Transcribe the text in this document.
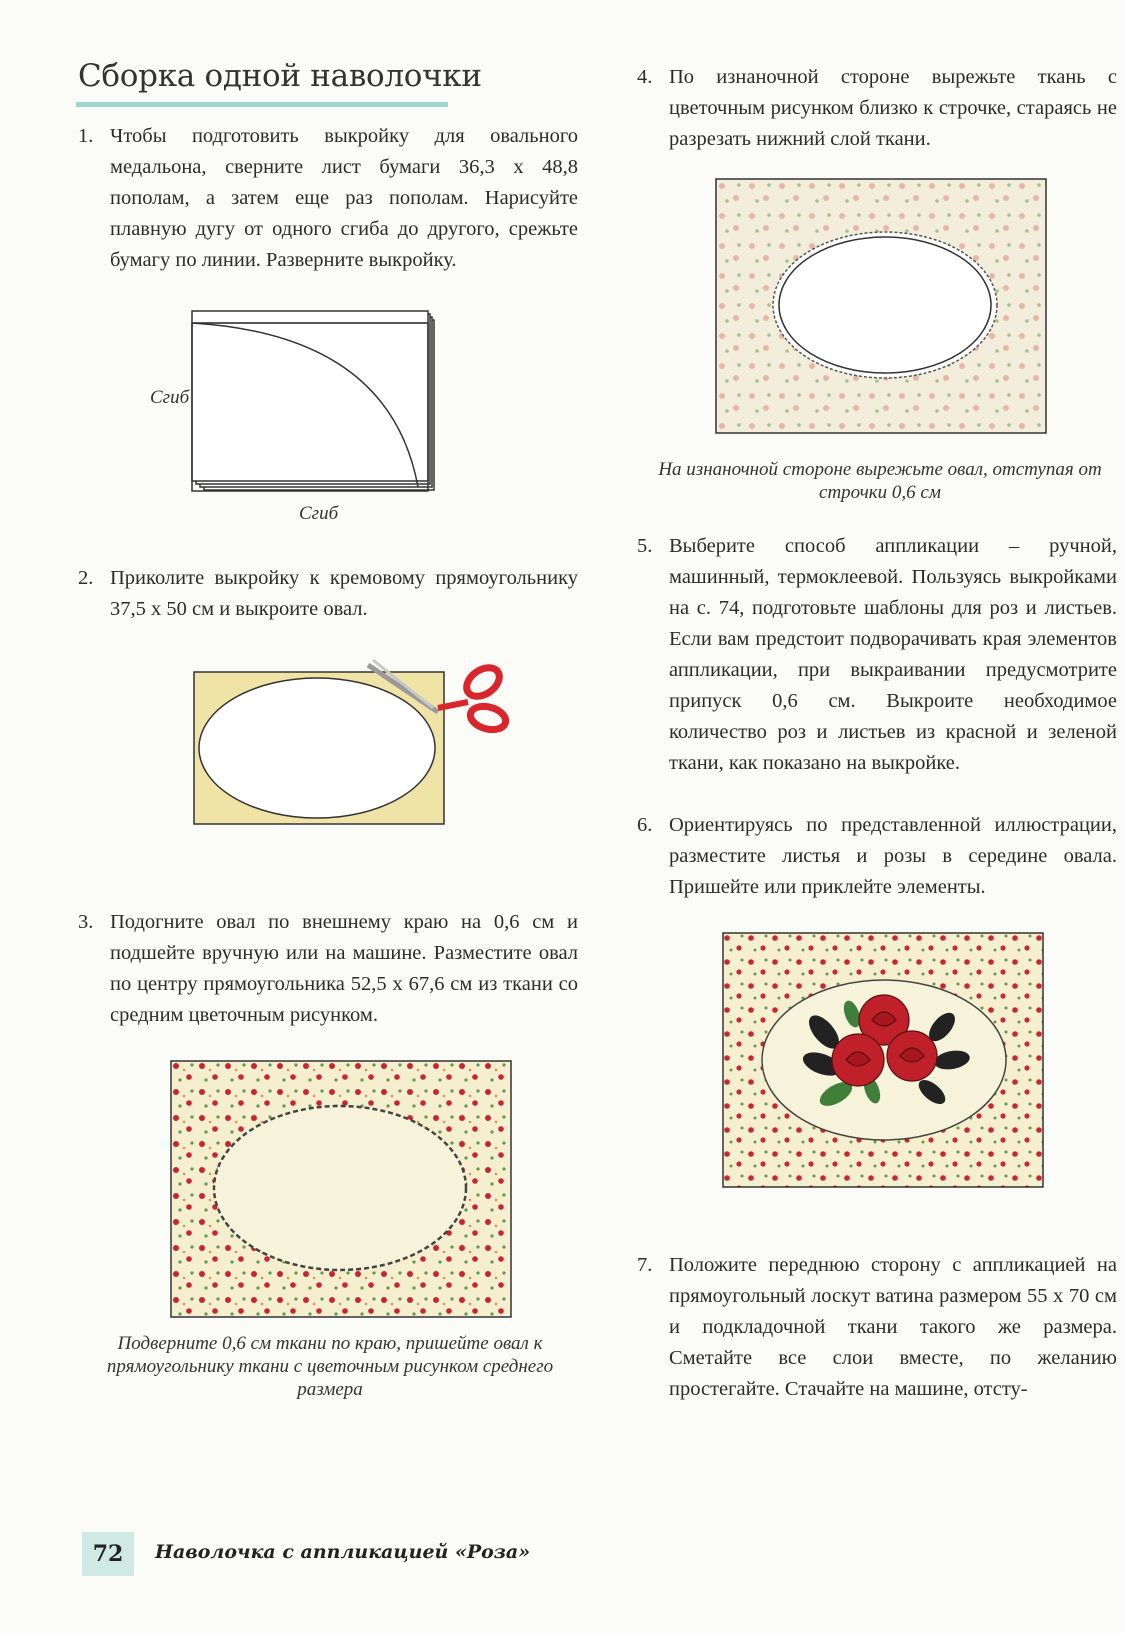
Сборка одной наволочки
1. Чтобы подготовить выкройку для овального медальона, сверните лист бумаги 36,3 x 48,8 пополам, а затем еще раз пополам. Нарисуйте плавную дугу от одного сгиба до другого, срежьте бумагу по линии. Разверните выкройку.
Сгиб
Сгиб
2. Приколите выкройку к кремовому прямоугольнику 37,5 x 50 см и выкроите овал.
3. Подогните овал по внешнему краю на 0,6 см и подшейте вручную или на машине. Разместите овал по центру прямоугольника 52,5 x 67,6 см из ткани со средним цветочным рисунком.
Подверните 0,6 см ткани по краю, пришейте овал к прямоугольнику ткани с цветочным рисунком среднего размера
4. По изнаночной стороне вырежьте ткань с цветочным рисунком близко к строчке, стараясь не разрезать нижний слой ткани.
На изнаночной стороне вырежьте овал, отступая от строчки 0,6 см
5. Выберите способ аппликации – ручной, машинный, термоклеевой. Пользуясь выкройками на с. 74, подготовьте шаблоны для роз и листьев. Если вам предстоит подворачивать края элементов аппликации, при выкраивании предусмотрите припуск 0,6 см. Выкроите необходимое количество роз и листьев из красной и зеленой ткани, как показано на выкройке.
6. Ориентируясь по представленной иллюстрации, разместите листья и розы в середине овала. Пришейте или приклейте элементы.
7. Положите переднюю сторону с аппликацией на прямоугольный лоскут ватина размером 55 x 70 см и подкладочной ткани такого же размера. Сметайте все слои вместе, по желанию простегайте. Стачайте на машине, отсту-
72	Наволочка с аппликацией «Роза»
